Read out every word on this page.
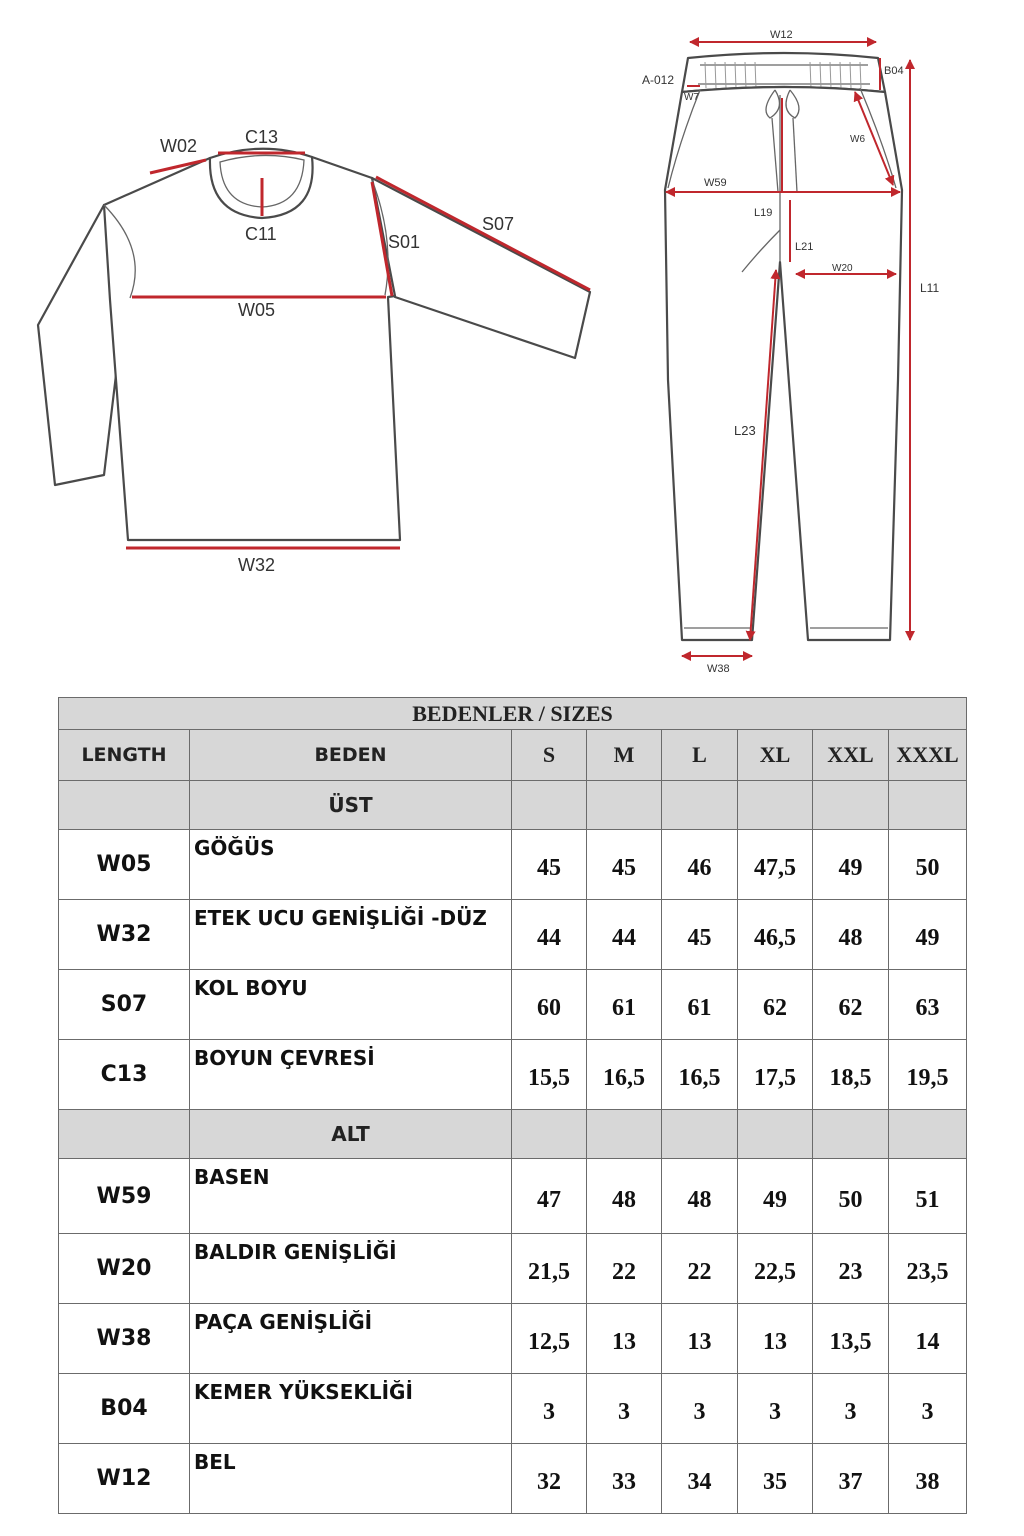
W02	C13
C11	S01
S07
W05
W32
W12
A-012
B04
W7
W6
W59
L19
L21
W20
L11
L23
W38
BEDENLER / SIZES							
LENGTH	BEDEN	S	M	L	XL	XXL	XXXL
	ÜST						
W05	GÖĞÜS	45	45	46	47,5	49	50
W32	ETEK UCU GENİŞLİĞİ -DÜZ	44	44	45	46,5	48	49
S07	KOL BOYU	60	61	61	62	62	63
C13	BOYUN ÇEVRESİ	15,5	16,5	16,5	17,5	18,5	19,5
	ALT						
W59	BASEN	47	48	48	49	50	51
W20	BALDIR GENİŞLİĞİ	21,5	22	22	22,5	23	23,5
W38	PAÇA GENİŞLİĞİ	12,5	13	13	13	13,5	14
B04	KEMER YÜKSEKLİĞİ	3	3	3	3	3	3
W12	BEL	32	33	34	35	37	38
